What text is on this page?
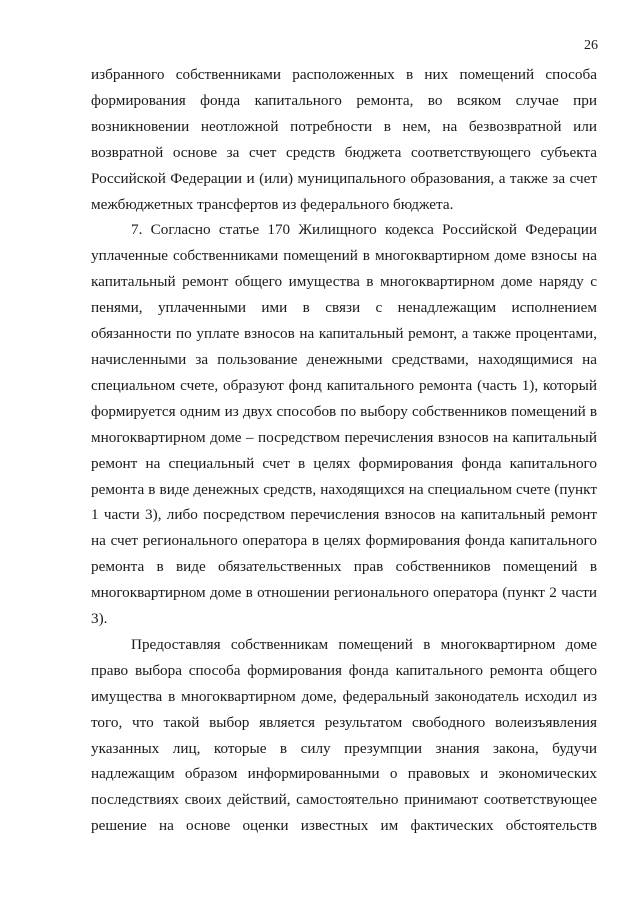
26
избранного собственниками расположенных в них помещений способа
формирования фонда капитального ремонта, во всяком случае при
возникновении неотложной потребности в нем, на безвозвратной или
возвратной основе за счет средств бюджета соответствующего субъекта
Российской Федерации и (или) муниципального образования, а также за счет
межбюджетных трансфертов из федерального бюджета.
7. Согласно статье 170 Жилищного кодекса Российской Федерации
уплаченные собственниками помещений в многоквартирном доме взносы на
капитальный ремонт общего имущества в многоквартирном доме наряду с
пенями, уплаченными ими в связи с ненадлежащим исполнением
обязанности по уплате взносов на капитальный ремонт, а также процентами,
начисленными за пользование денежными средствами, находящимися на
специальном счете, образуют фонд капитального ремонта (часть 1), который
формируется одним из двух способов по выбору собственников помещений в
многоквартирном доме – посредством перечисления взносов на капитальный
ремонт на специальный счет в целях формирования фонда капитального
ремонта в виде денежных средств, находящихся на специальном счете (пункт
1 части 3), либо посредством перечисления взносов на капитальный ремонт
на счет регионального оператора в целях формирования фонда капитального
ремонта в виде обязательственных прав собственников помещений в
многоквартирном доме в отношении регионального оператора (пункт 2 части
3).
Предоставляя собственникам помещений в многоквартирном доме
право выбора способа формирования фонда капитального ремонта общего
имущества в многоквартирном доме, федеральный законодатель исходил из
того, что такой выбор является результатом свободного волеизъявления
указанных лиц, которые в силу презумпции знания закона, будучи
надлежащим образом информированными о правовых и экономических
последствиях своих действий, самостоятельно принимают соответствующее
решение на основе оценки известных им фактических обстоятельств
